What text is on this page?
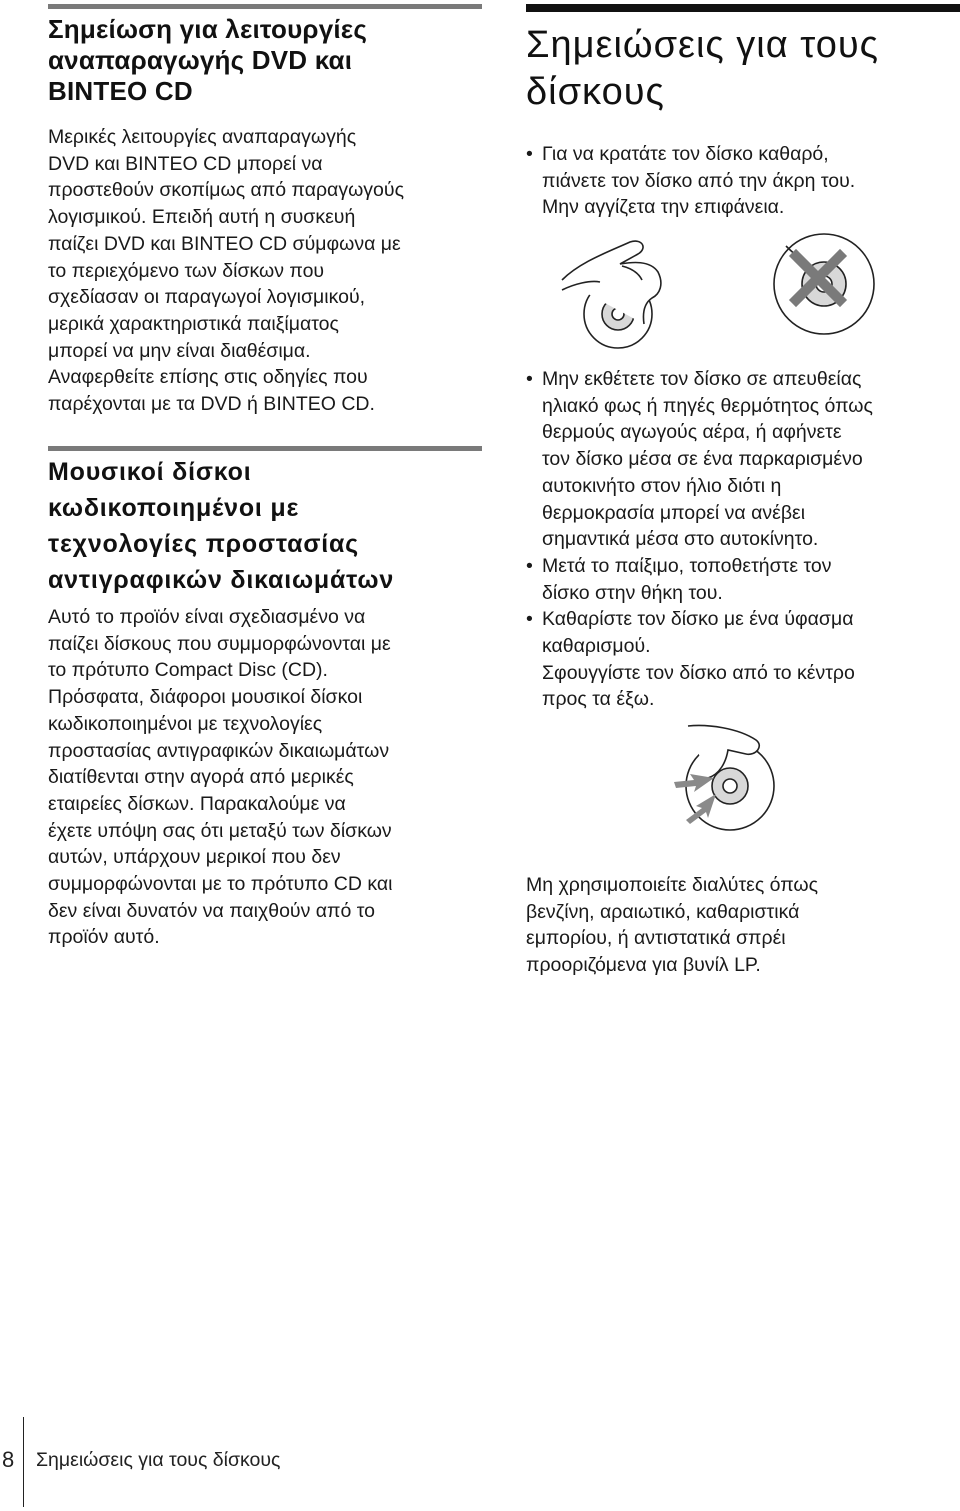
Σημείωση για λειτουργίες
αναπαραγωγής DVD και
ΒΙΝΤΕΟ CD

Μερικές λειτουργίες αναπαραγωγής
DVD και ΒΙΝΤΕΟ CD μπορεί να
προστεθούν σκοπίμως από παραγωγούς
λογισμικού. Επειδή αυτή η συσκευή
παίζει DVD και ΒΙΝΤΕΟ CD σύμφωνα με
το περιεχόμενο των δίσκων που
σχεδίασαν οι παραγωγοί λογισμικού,
μερικά χαρακτηριστικά παιξίματος
μπορεί να μην είναι διαθέσιμα.
Αναφερθείτε επίσης στις οδηγίες που
παρέχονται με τα DVD ή ΒΙΝΤΕΟ CD.

Μουσικοί δίσκοι
κωδικοποιημένοι με
τεχνολογίες προστασίας
αντιγραφικών δικαιωμάτων

Αυτό το προϊόν είναι σχεδιασμένο να
παίζει δίσκους που συμμορφώνονται με
το πρότυπο Compact Disc (CD).
Πρόσφατα, διάφοροι μουσικοί δίσκοι
κωδικοποιημένοι με τεχνολογίες
προστασίας αντιγραφικών δικαιωμάτων
διατίθενται στην αγορά από μερικές
εταιρείες δίσκων. Παρακαλούμε να
έχετε υπόψη σας ότι μεταξύ των δίσκων
αυτών, υπάρχουν μερικοί που δεν
συμμορφώνονται με το πρότυπο CD και
δεν είναι δυνατόν να παιχθούν από το
προϊόν αυτό.

Σημειώσεις για τους
δίσκους
• Για να κρατάτε τον δίσκο καθαρό,
πιάνετε τον δίσκο από την άκρη του.
Μην αγγίζετα την επιφάνεια.
• Μην εκθέτετε τον δίσκο σε απευθείας
ηλιακό φως ή πηγές θερμότητος όπως
θερμούς αγωγούς αέρα, ή αφήνετε
τον δίσκο μέσα σε ένα παρκαρισμένο
αυτοκινήτο στον ήλιο διότι η
θερμοκρασία μπορεί να ανέβει
σημαντικά μέσα στο αυτοκίνητο.
• Μετά το παίξιμο, τοποθετήστε τον
δίσκο στην θήκη του.
• Καθαρίστε τον δίσκο με ένα ύφασμα
καθαρισμού.
Σφουγγίστε τον δίσκο από το κέντρο
προς τα έξω.

Μη χρησιμοποιείτε διαλύτες όπως
βενζίνη, αραιωτικό, καθαριστικά
εμπορίου, ή αντιστατικά σπρέι
προοριζόμενα για βυνίλ LP.

8 Σημειώσεις για τους δίσκους
